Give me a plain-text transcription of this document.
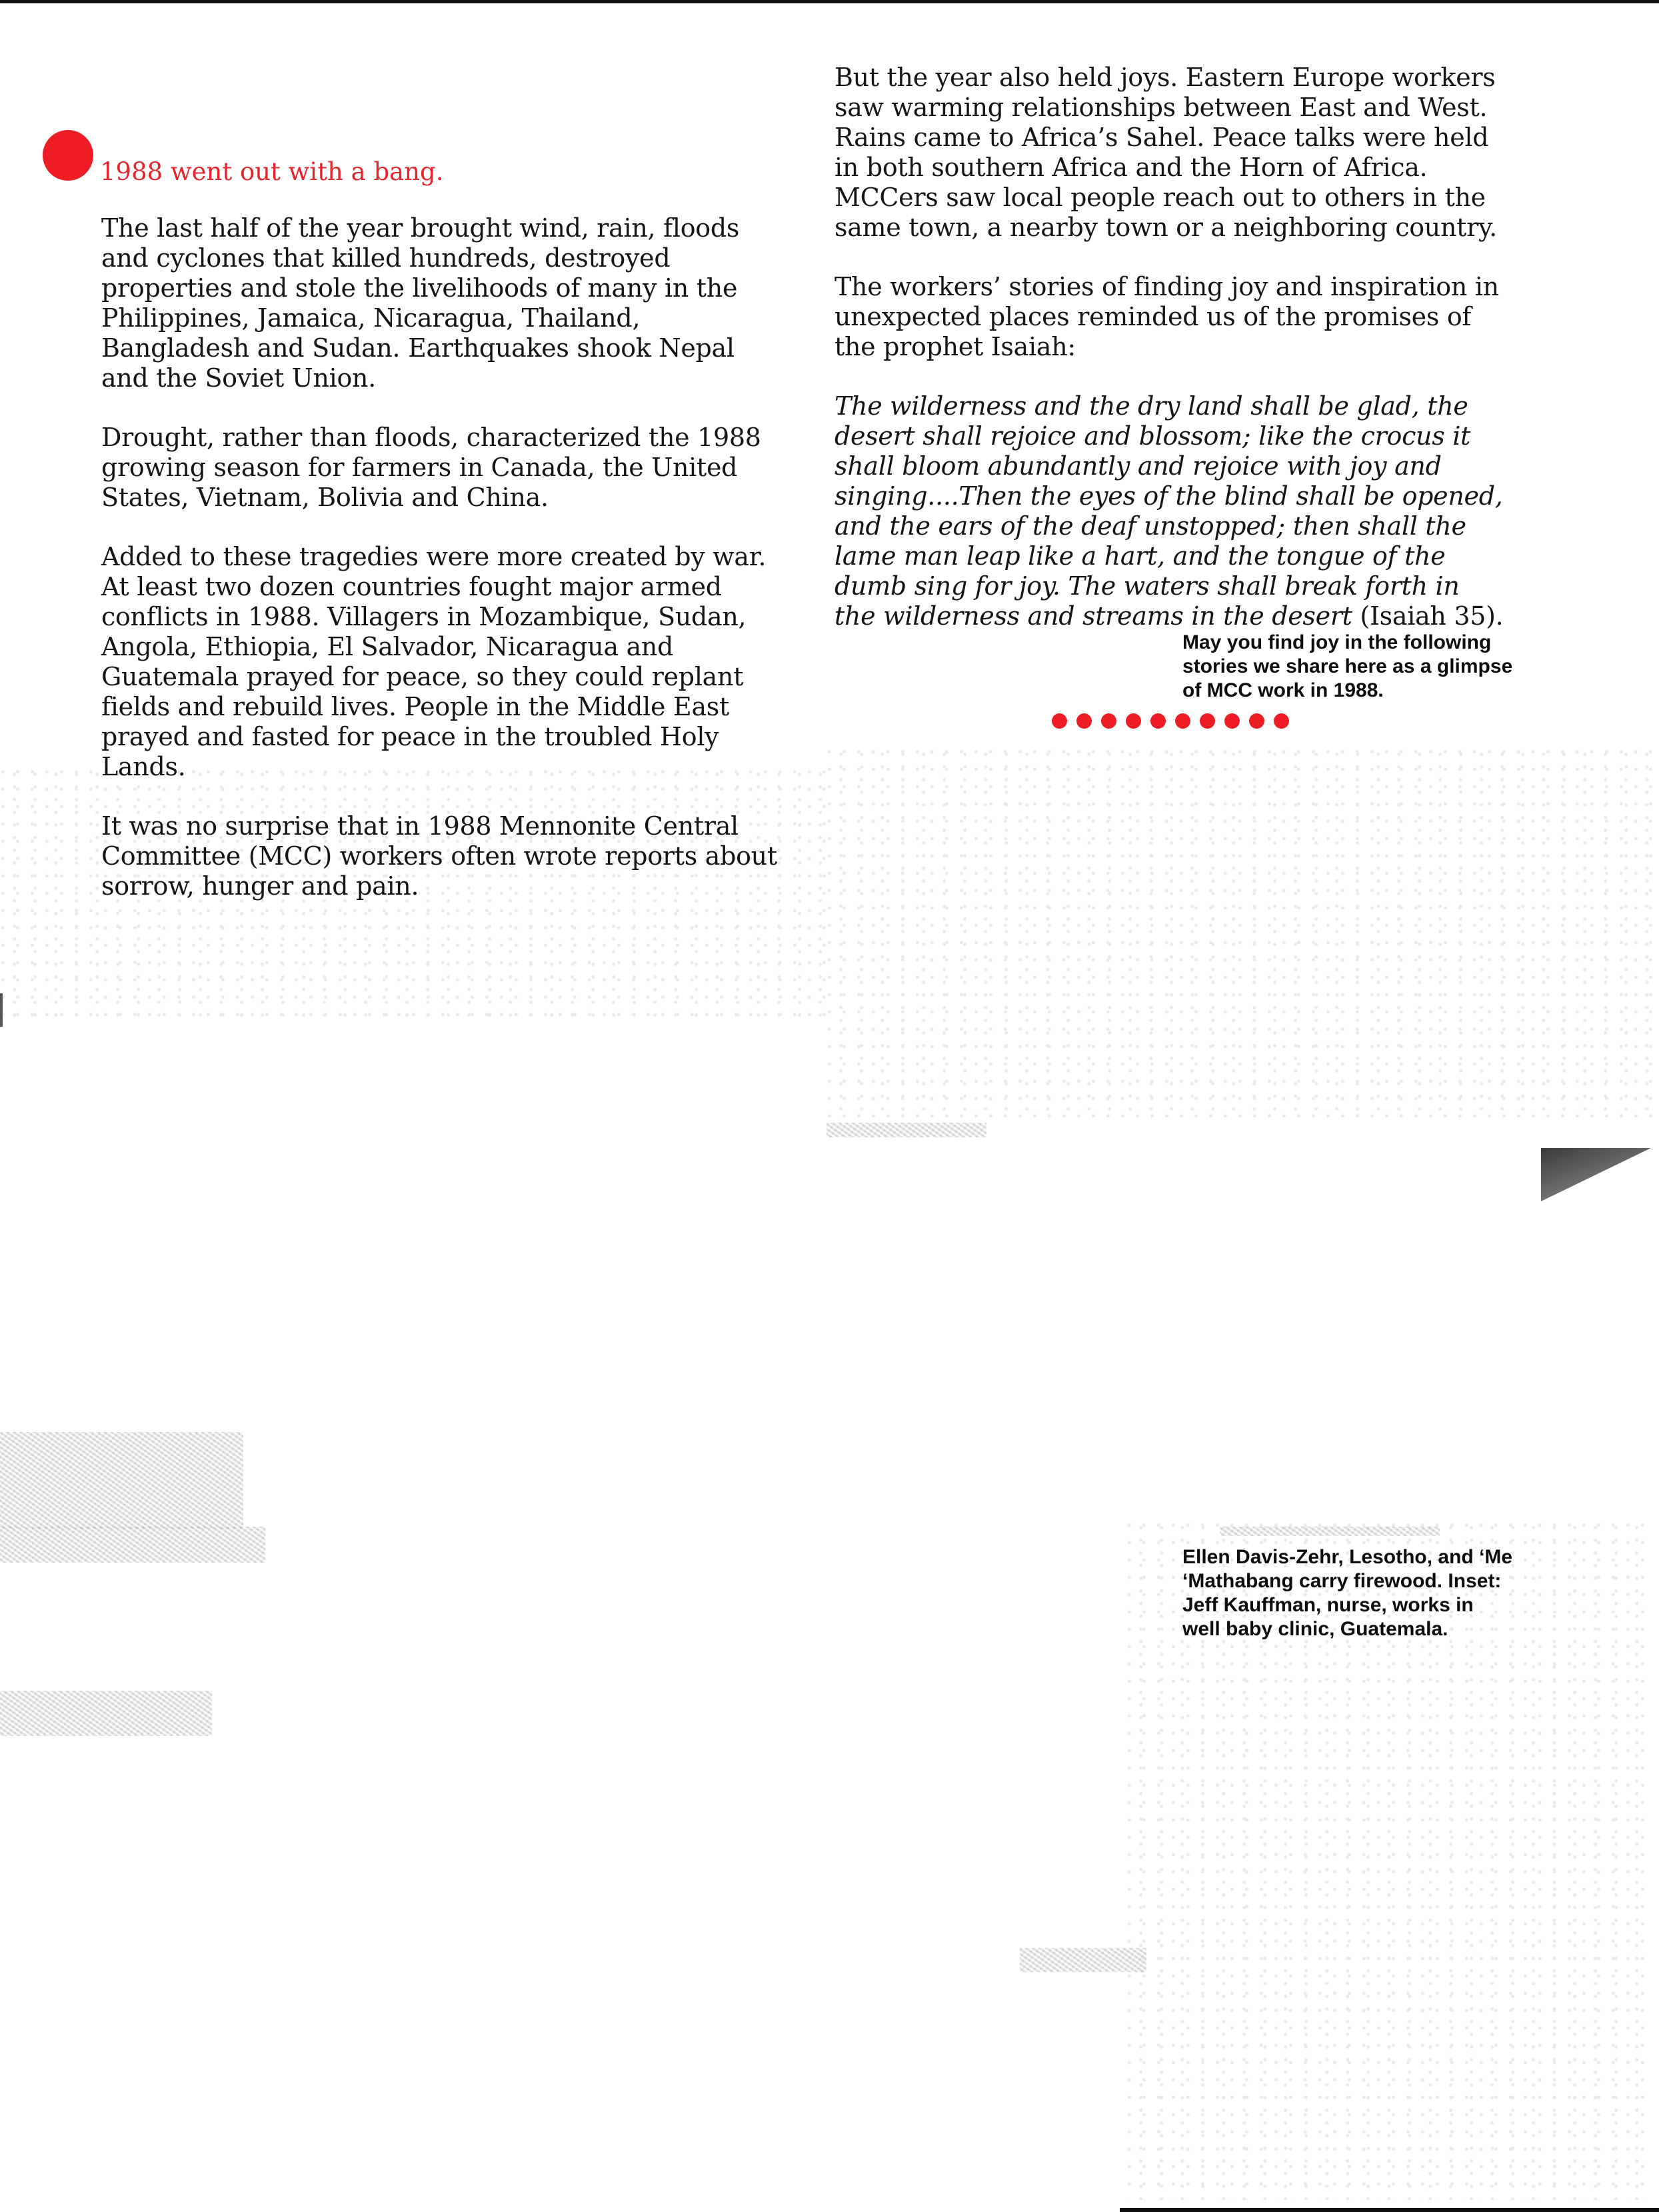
1988 went out with a bang.

The last half of the year brought wind, rain, floods and cyclones that killed hundreds, destroyed properties and stole the livelihoods of many in the Philippines, Jamaica, Nicaragua, Thailand, Bangladesh and Sudan. Earthquakes shook Nepal and the Soviet Union.

Drought, rather than floods, characterized the 1988 growing season for farmers in Canada, the United States, Vietnam, Bolivia and China.

Added to these tragedies were more created by war. At least two dozen countries fought major armed conflicts in 1988. Villagers in Mozambique, Sudan, Angola, Ethiopia, El Salvador, Nicaragua and Guatemala prayed for peace, so they could replant fields and rebuild lives. People in the Middle East prayed and fasted for peace in the troubled Holy Lands.

It was no surprise that in 1988 Mennonite Central Committee (MCC) workers often wrote reports about sorrow, hunger and pain.

But the year also held joys. Eastern Europe workers saw warming relationships between East and West. Rains came to Africa’s Sahel. Peace talks were held in both southern Africa and the Horn of Africa. MCCers saw local people reach out to others in the same town, a nearby town or a neighboring country.

The workers’ stories of finding joy and inspiration in unexpected places reminded us of the promises of the prophet Isaiah:

The wilderness and the dry land shall be glad, the desert shall rejoice and blossom; like the crocus it shall bloom abundantly and rejoice with joy and singing....Then the eyes of the blind shall be opened, and the ears of the deaf unstopped; then shall the lame man leap like a hart, and the tongue of the dumb sing for joy. The waters shall break forth in the wilderness and streams in the desert (Isaiah 35).

May you find joy in the following stories we share here as a glimpse of MCC work in 1988.

Ellen Davis-Zehr, Lesotho, and ‘Me ‘Mathabang carry firewood. Inset: Jeff Kauffman, nurse, works in well baby clinic, Guatemala.
